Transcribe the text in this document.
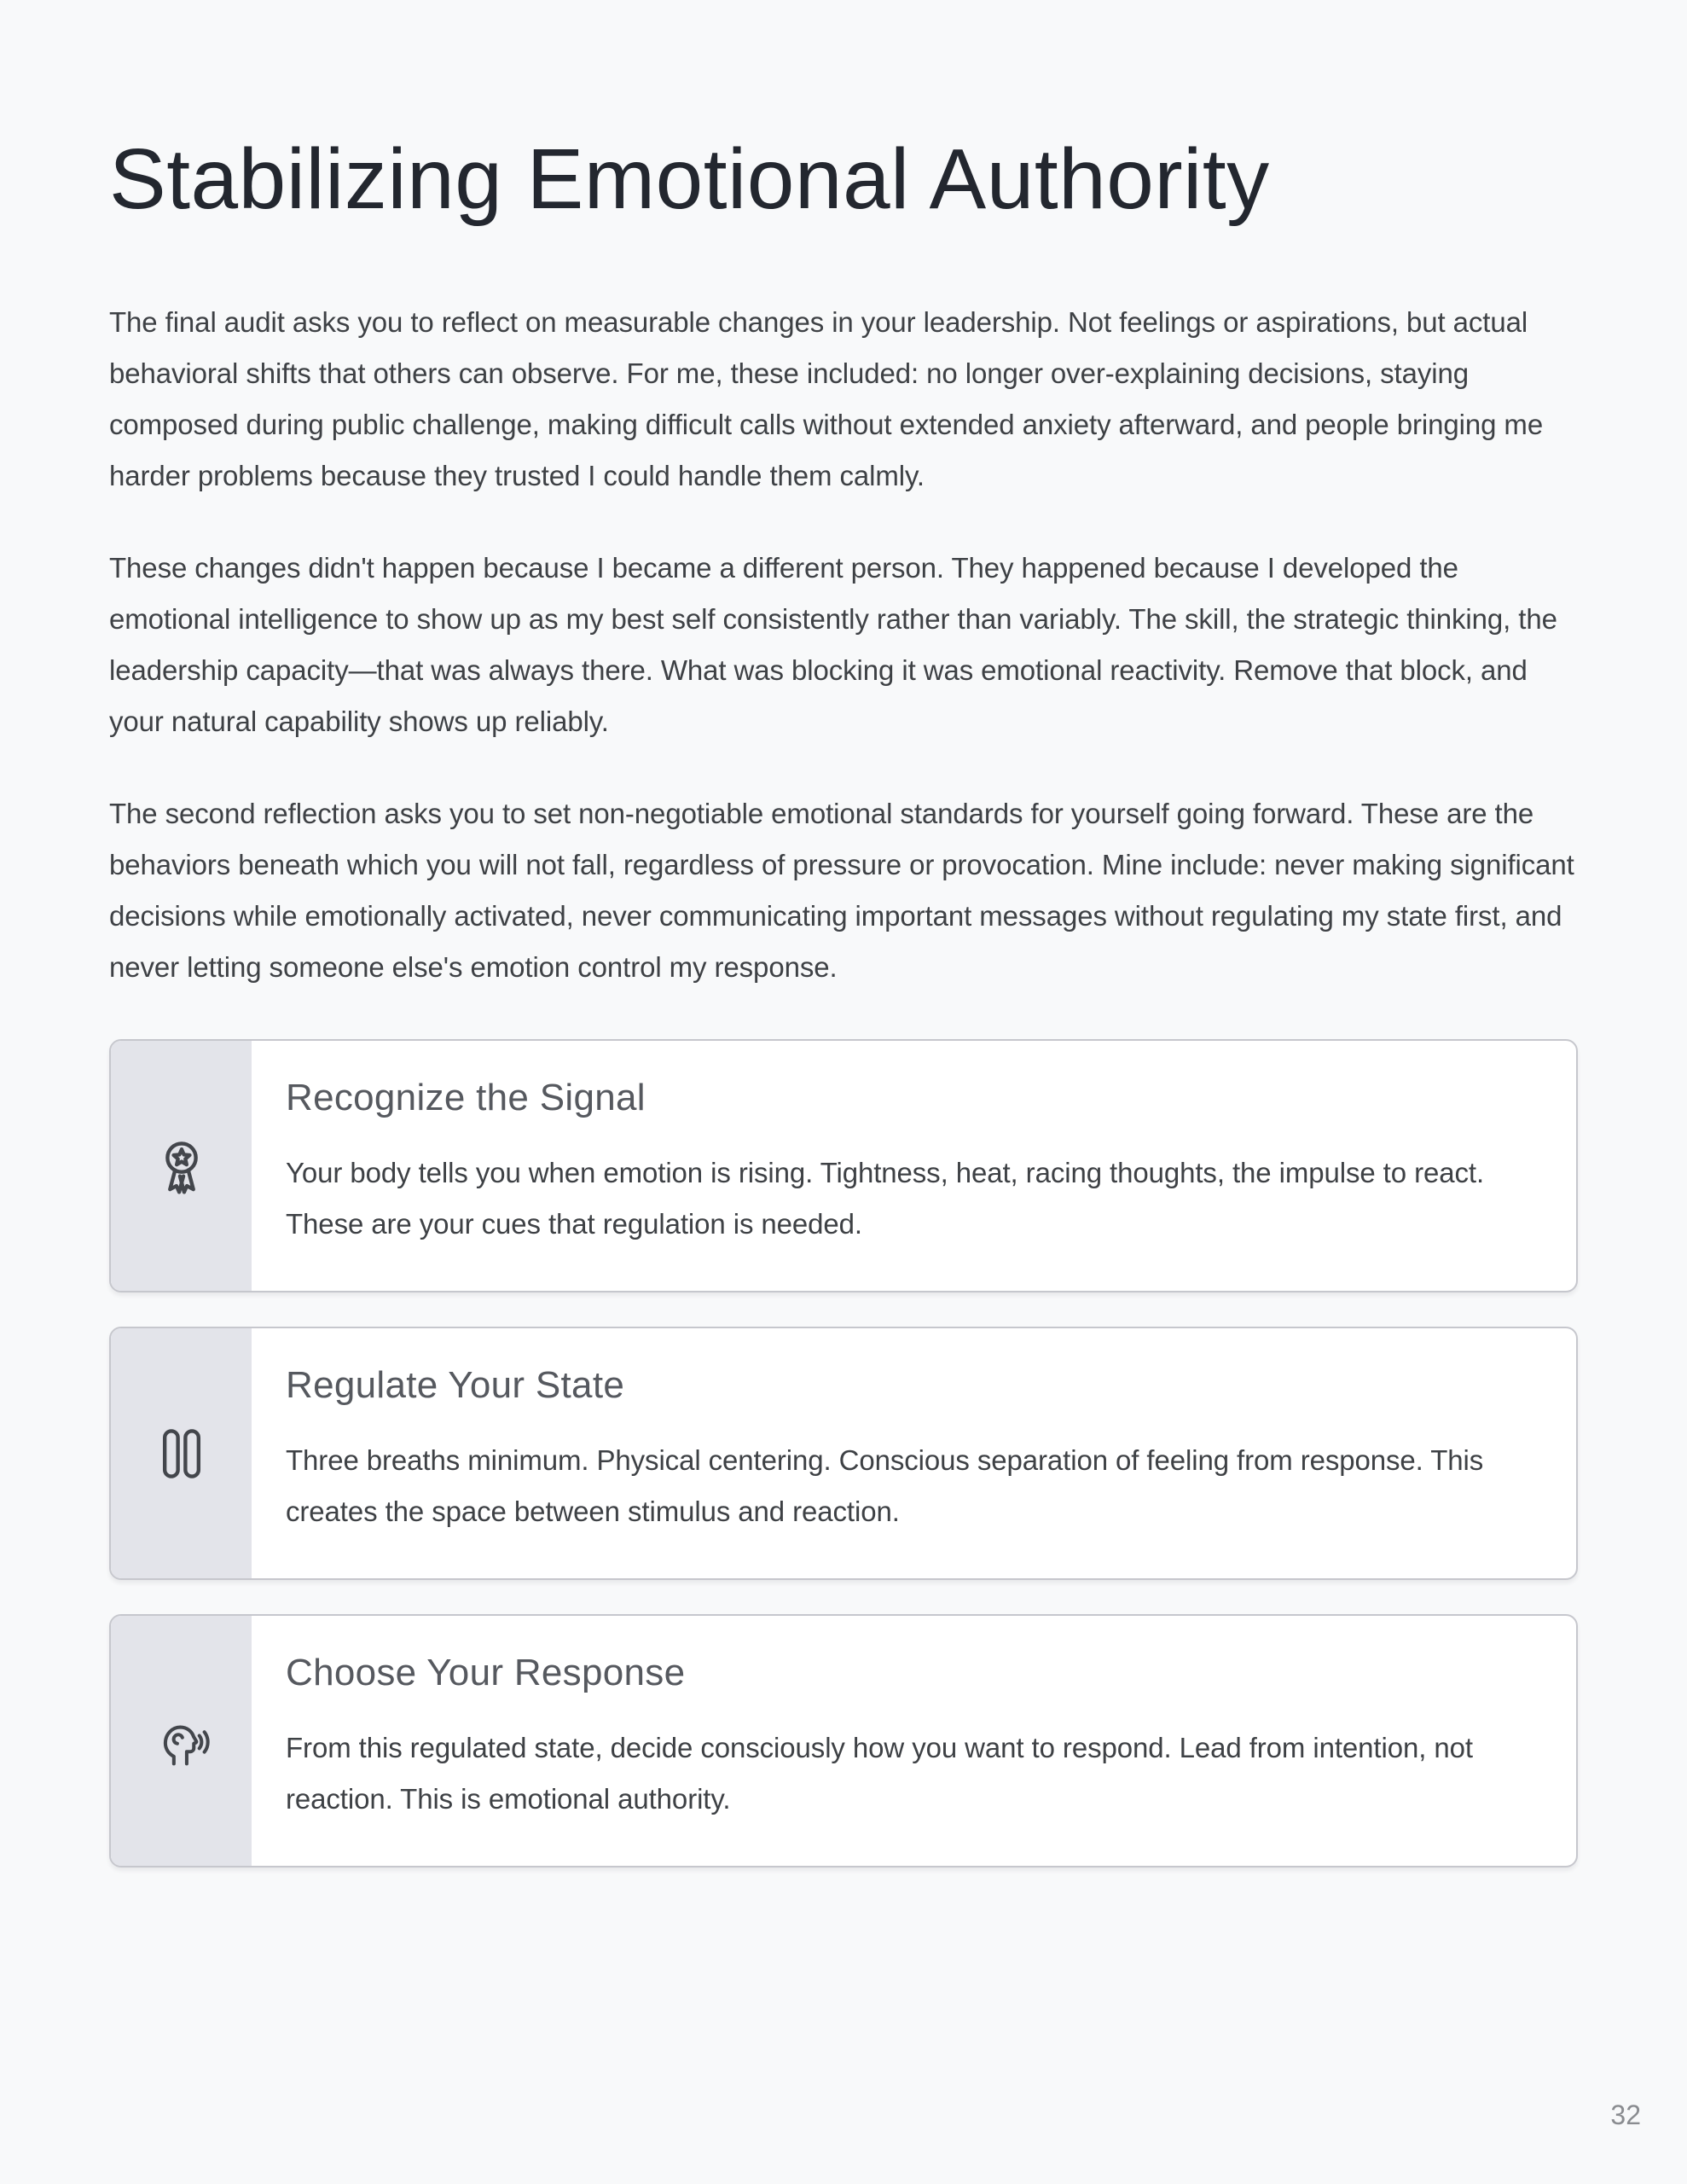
Stabilizing Emotional Authority

The final audit asks you to reflect on measurable changes in your leadership. Not feelings or aspirations, but actual behavioral shifts that others can observe. For me, these included: no longer over-explaining decisions, staying composed during public challenge, making difficult calls without extended anxiety afterward, and people bringing me harder problems because they trusted I could handle them calmly.

These changes didn't happen because I became a different person. They happened because I developed the emotional intelligence to show up as my best self consistently rather than variably. The skill, the strategic thinking, the leadership capacity—that was always there. What was blocking it was emotional reactivity. Remove that block, and your natural capability shows up reliably.

The second reflection asks you to set non-negotiable emotional standards for yourself going forward. These are the behaviors beneath which you will not fall, regardless of pressure or provocation. Mine include: never making significant decisions while emotionally activated, never communicating important messages without regulating my state first, and never letting someone else's emotion control my response.

Recognize the Signal

Your body tells you when emotion is rising. Tightness, heat, racing thoughts, the impulse to react. These are your cues that regulation is needed.

Regulate Your State

Three breaths minimum. Physical centering. Conscious separation of feeling from response. This creates the space between stimulus and reaction.

Choose Your Response

From this regulated state, decide consciously how you want to respond. Lead from intention, not reaction. This is emotional authority.

32
